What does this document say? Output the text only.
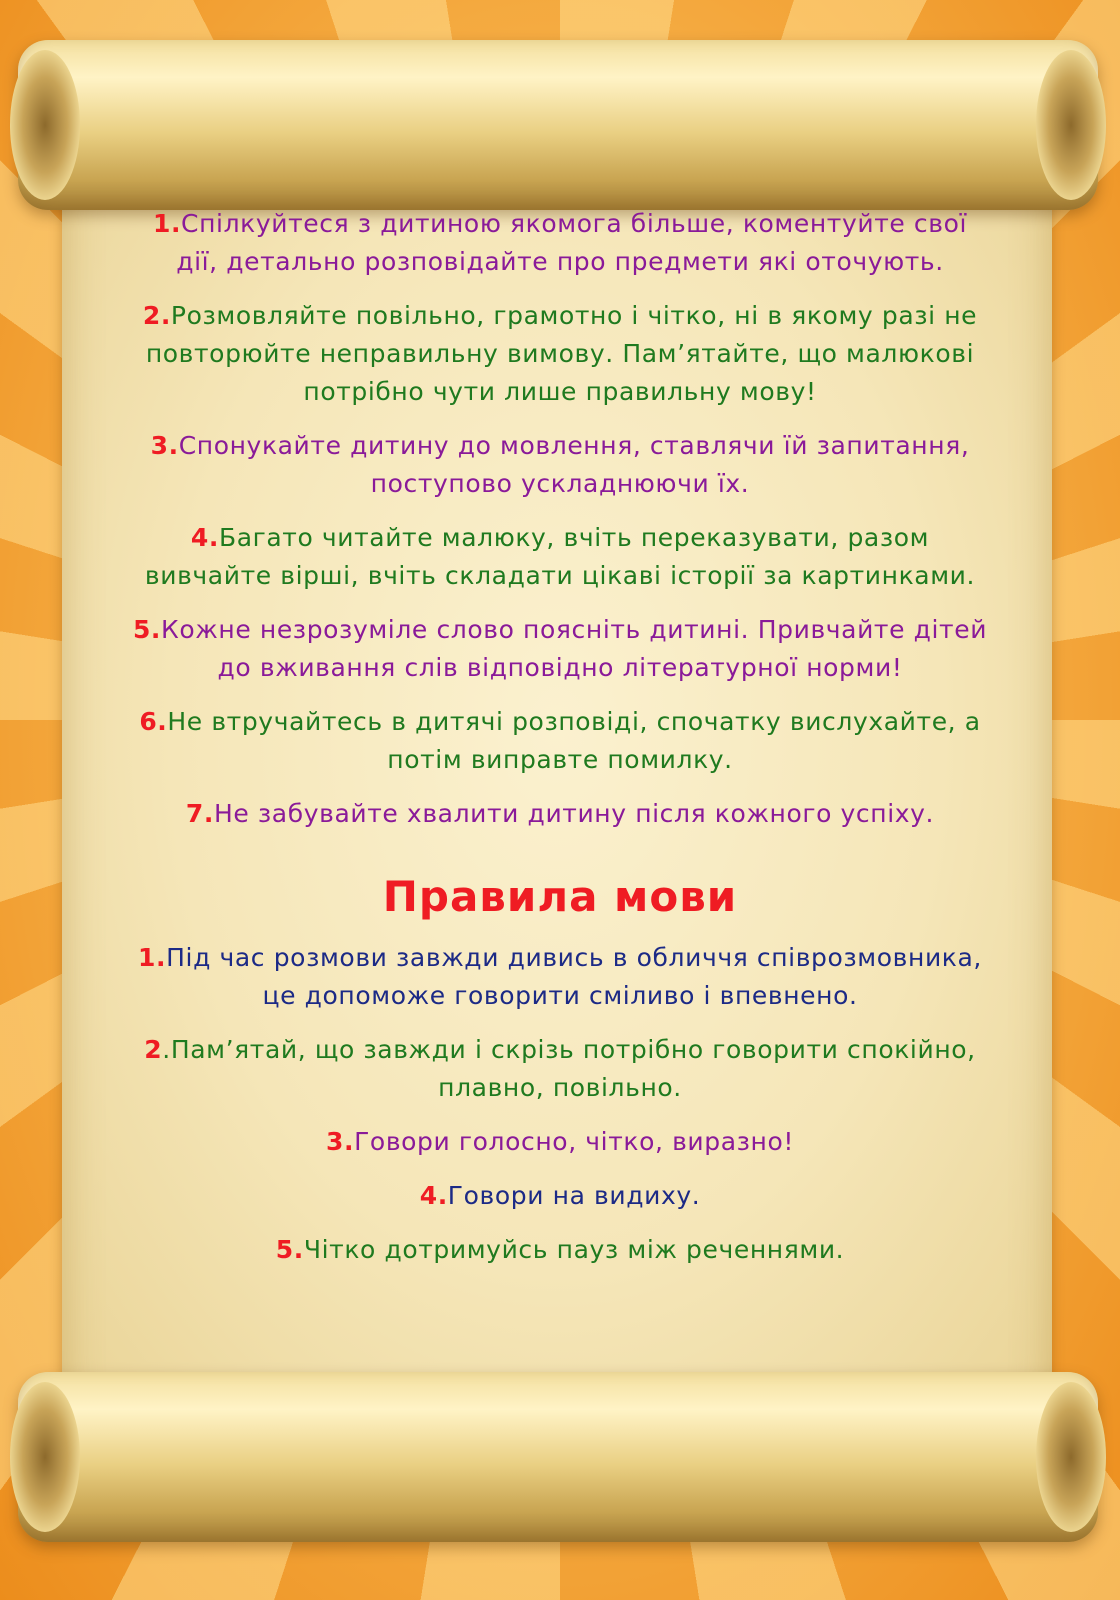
1.Спілкуйтеся з дитиною якомога більше, коментуйте свої дії, детально розповідайте про предмети які оточують.

2.Розмовляйте повільно, грамотно і чітко, ні в якому разі не повторюйте неправильну вимову. Пам’ятайте, що малюкові потрібно чути лише правильну мову!

3.Спонукайте дитину до мовлення, ставлячи їй запитання, поступово ускладнюючи їх.

4.Багато читайте малюку, вчіть переказувати, разом вивчайте вірші, вчіть складати цікаві історії за картинками.

5.Кожне незрозуміле слово поясніть дитині. Привчайте дітей до вживання слів відповідно літературної норми!

6.Не втручайтесь в дитячі розповіді, спочатку вислухайте, а потім виправте помилку.

7.Не забувайте хвалити дитину після кожного успіху.

Правила мови

1.Під час розмови завжди дивись в обличчя співрозмовника, це допоможе говорити сміливо і впевнено.

2.Пам’ятай, що завжди і скрізь потрібно говорити спокійно, плавно, повільно.

3.Говори голосно, чітко, виразно!

4.Говори на видиху.

5.Чітко дотримуйсь пауз між реченнями.
